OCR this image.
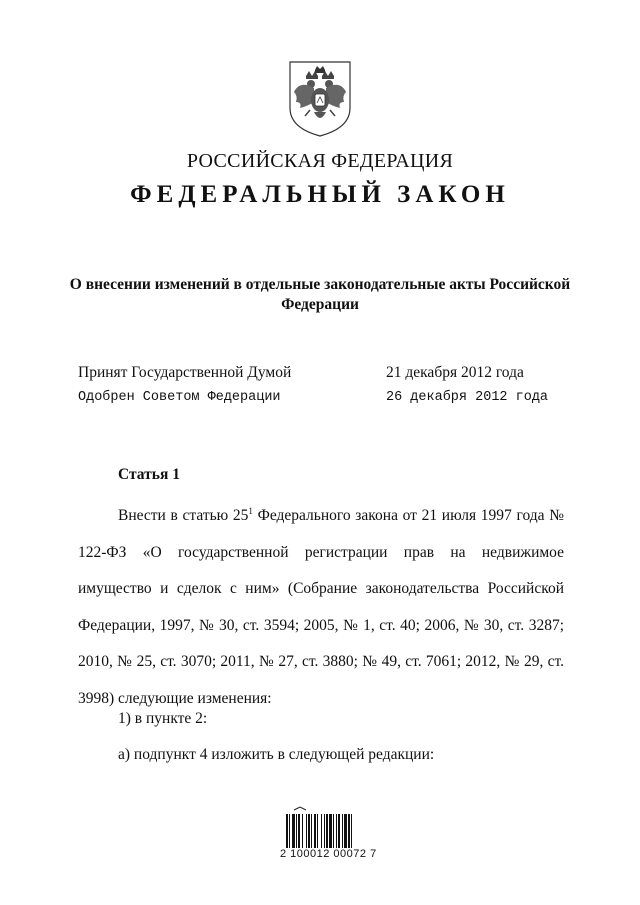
РОССИЙСКАЯ ФЕДЕРАЦИЯ
ФЕДЕРАЛЬНЫЙ ЗАКОН
О внесении изменений в отдельные законодательные акты Российской Федерации
Принят Государственной Думой	21 декабря 2012 года
Одобрен Советом Федерации	26 декабря 2012 года
Статья 1

Внести в статью $25^1$ Федерального закона от 21 июля 1997 года № 122-ФЗ «О государственной регистрации прав на недвижимое имущество и сделок с ним» (Собрание законодательства Российской Федерации, 1997, № 30, ст. 3594; 2005, № 1, ст. 40; 2006, № 30, ст. 3287; 2010, № 25, ст. 3070; 2011, № 27, ст. 3880; № 49, ст. 7061; 2012, № 29, ст. 3998) следующие изменения:

1) в пункте 2:
а) подпункт 4 изложить в следующей редакции:
2 100012 00072 7
